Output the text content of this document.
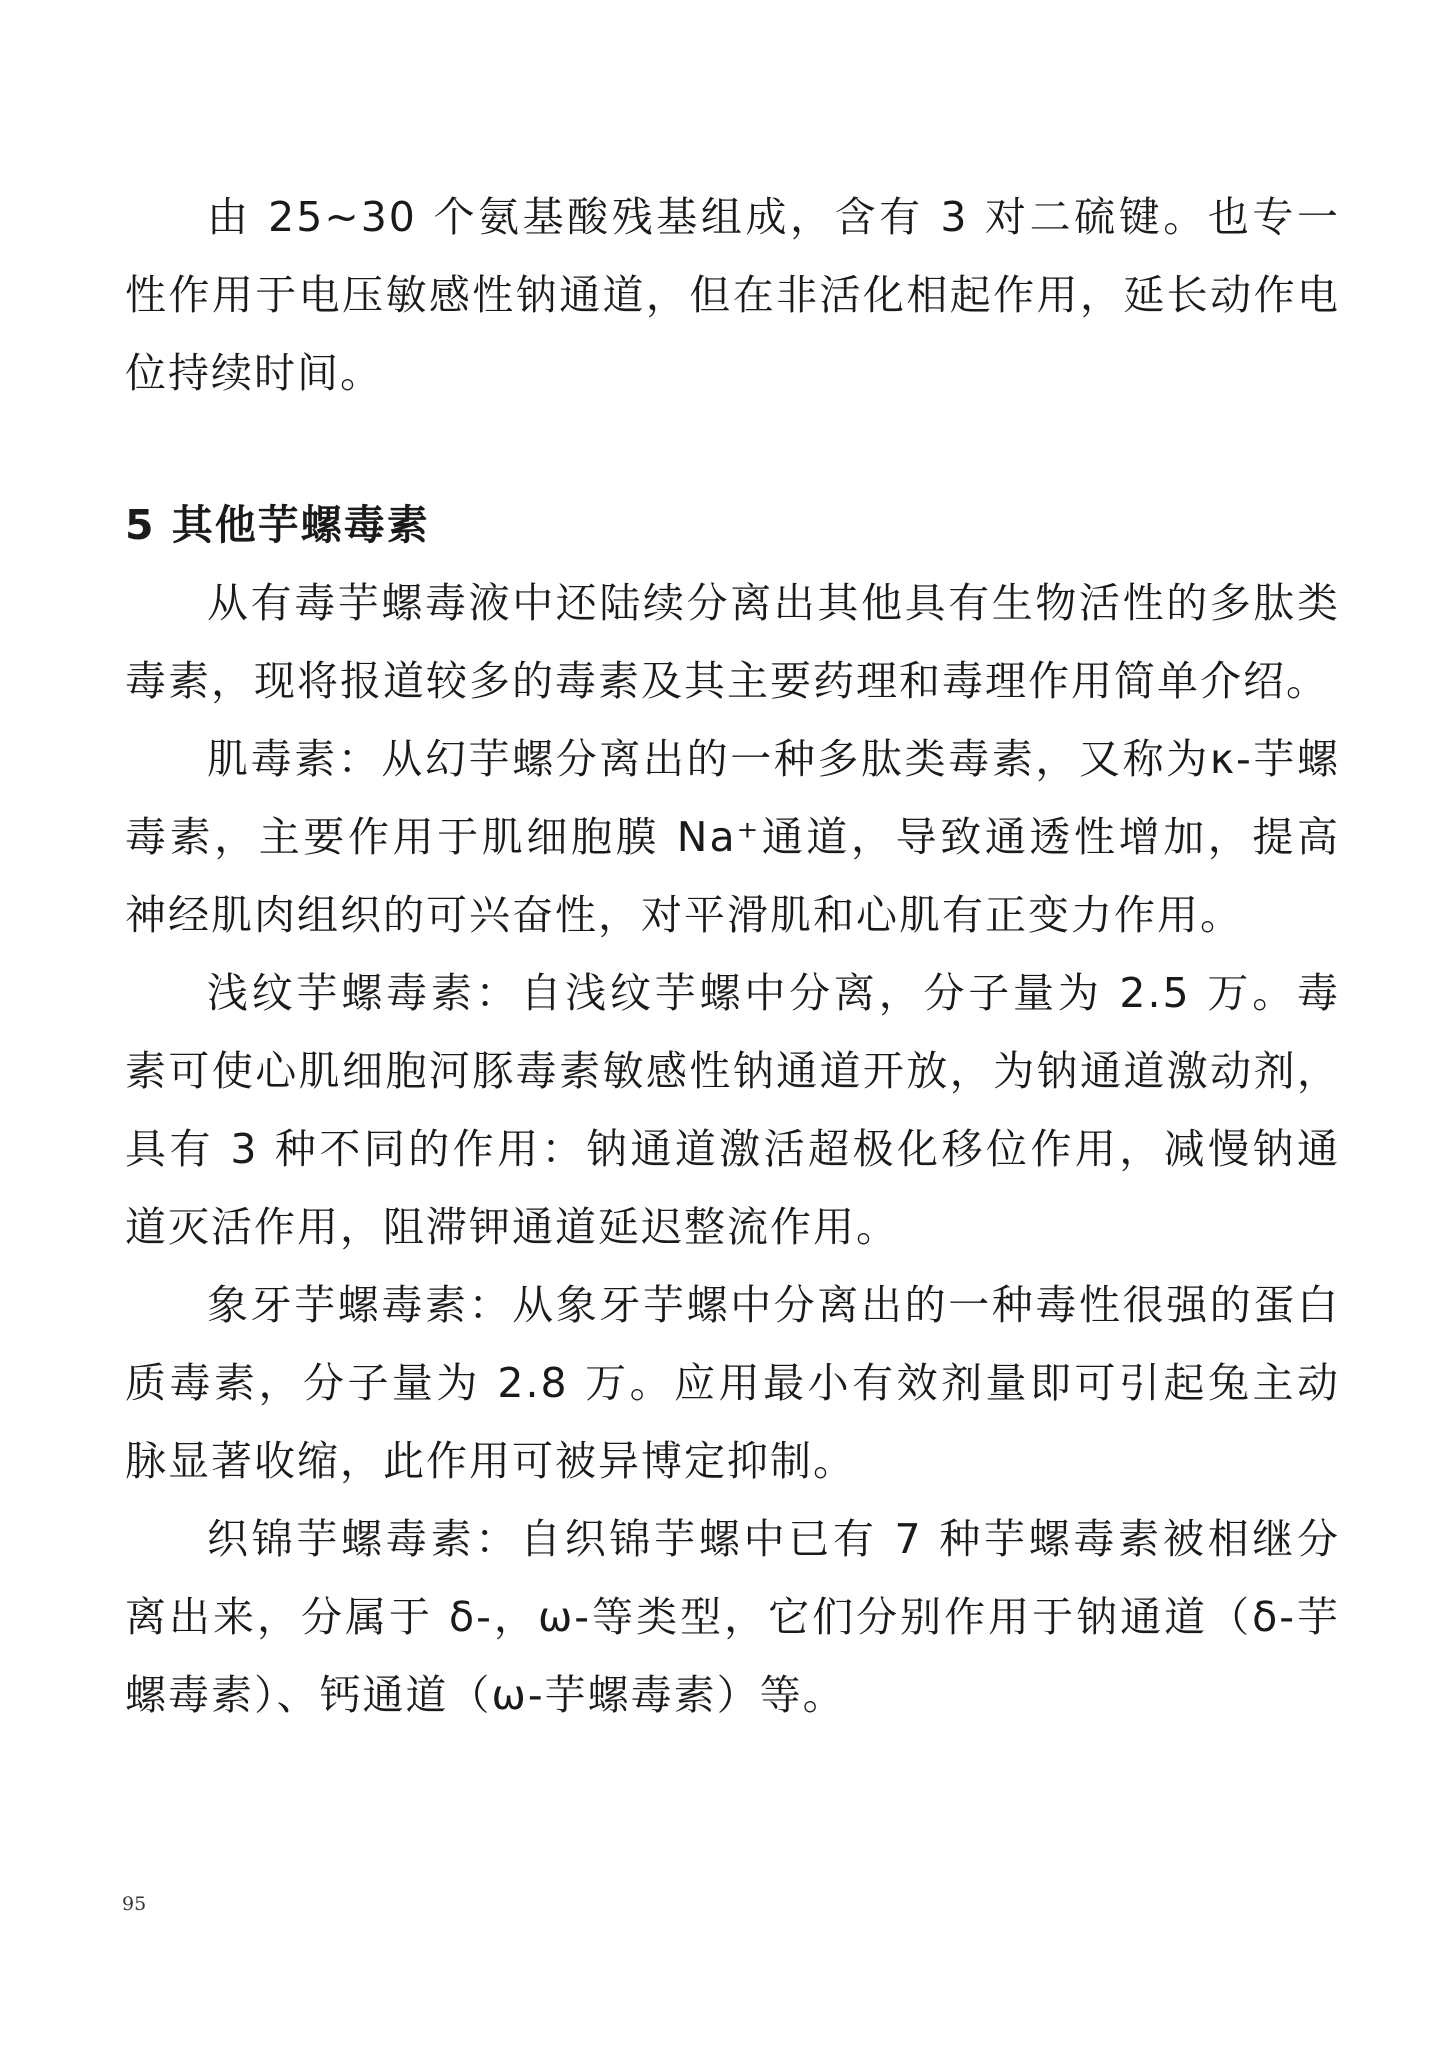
由 25~30 个氨基酸残基组成，含有 3 对二硫键。也专一性作用于电压敏感性钠通道，但在非活化相起作用，延长动作电位持续时间。

5 其他芋螺毒素

从有毒芋螺毒液中还陆续分离出其他具有生物活性的多肽类毒素，现将报道较多的毒素及其主要药理和毒理作用简单介绍。

肌毒素：从幻芋螺分离出的一种多肽类毒素，又称为κ-芋螺毒素，主要作用于肌细胞膜 Na⁺通道，导致通透性增加，提高神经肌肉组织的可兴奋性，对平滑肌和心肌有正变力作用。

浅纹芋螺毒素：自浅纹芋螺中分离，分子量为 2.5 万。毒素可使心肌细胞河豚毒素敏感性钠通道开放，为钠通道激动剂，具有 3 种不同的作用：钠通道激活超极化移位作用，减慢钠通道灭活作用，阻滞钾通道延迟整流作用。

象牙芋螺毒素：从象牙芋螺中分离出的一种毒性很强的蛋白质毒素，分子量为 2.8 万。应用最小有效剂量即可引起兔主动脉显著收缩，此作用可被异博定抑制。

织锦芋螺毒素：自织锦芋螺中已有 7 种芋螺毒素被相继分离出来，分属于 δ-，ω-等类型，它们分别作用于钠通道（δ-芋螺毒素）、钙通道（ω-芋螺毒素）等。

95
